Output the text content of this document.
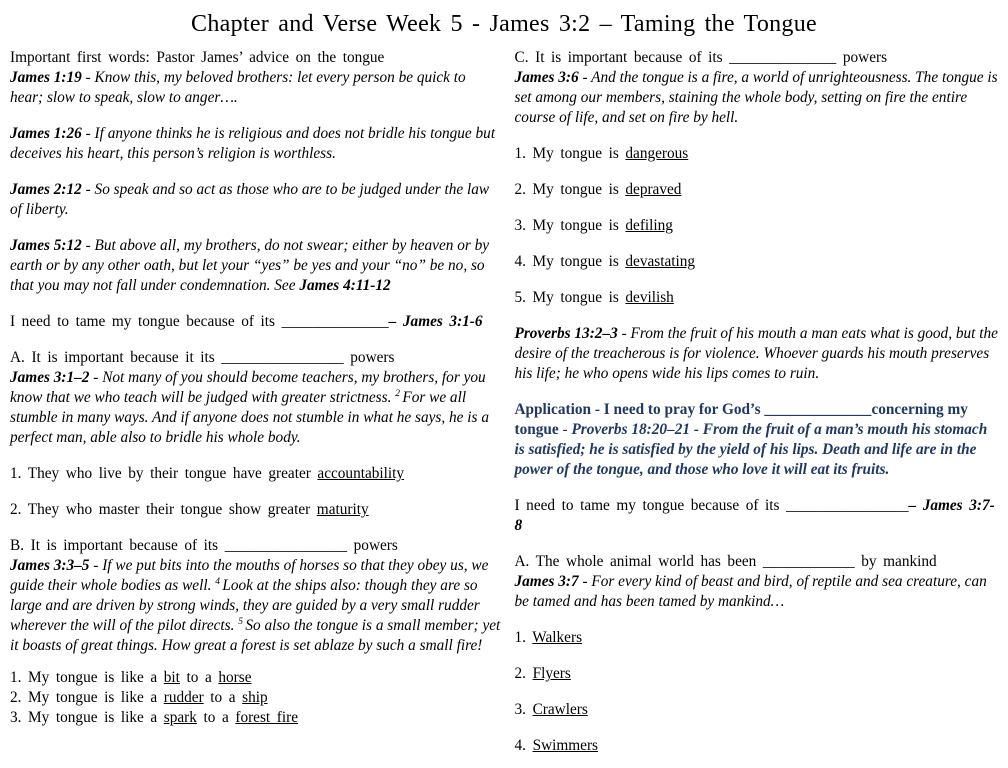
Chapter and Verse Week 5 - James 3:2 – Taming the Tongue

Important first words: Pastor James’ advice on the tongue

James 1:19 - Know this, my beloved brothers: let every person be quick to hear; slow to speak, slow to anger….

James 1:26 - If anyone thinks he is religious and does not bridle his tongue but deceives his heart, this person’s religion is worthless.

James 2:12 - So speak and so act as those who are to be judged under the law of liberty.

James 5:12 - But above all, my brothers, do not swear; either by heaven or by earth or by any other oath, but let your “yes” be yes and your “no” be no, so that you may not fall under condemnation. See James 4:11-12

I need to tame my tongue because of its ______________– James 3:1-6

A. It is important because it its ________________ powers

James 3:1–2 - Not many of you should become teachers, my brothers, for you know that we who teach will be judged with greater strictness. $^2$ For we all stumble in many ways. And if anyone does not stumble in what he says, he is a perfect man, able also to bridle his whole body.

1. They who live by their tongue have greater accountability

2. They who master their tongue show greater maturity

B. It is important because of its ________________ powers

James 3:3–5 - If we put bits into the mouths of horses so that they obey us, we guide their whole bodies as well. $^4$ Look at the ships also: though they are so large and are driven by strong winds, they are guided by a very small rudder wherever the will of the pilot directs. $^5$ So also the tongue is a small member; yet it boasts of great things. How great a forest is set ablaze by such a small fire!

1. My tongue is like a bit to a horse

2. My tongue is like a rudder to a ship

3. My tongue is like a spark to a forest fire

C. It is important because of its ______________ powers

James 3:6 - And the tongue is a fire, a world of unrighteousness. The tongue is set among our members, staining the whole body, setting on fire the entire course of life, and set on fire by hell.

1. My tongue is dangerous

2. My tongue is depraved

3. My tongue is defiling

4. My tongue is devastating

5. My tongue is devilish

Proverbs 13:2–3 - From the fruit of his mouth a man eats what is good, but the desire of the treacherous is for violence. Whoever guards his mouth preserves his life; he who opens wide his lips comes to ruin.

Application - I need to pray for God’s ______________concerning my tongue - Proverbs 18:20–21 - From the fruit of a man’s mouth his stomach is satisfied; he is satisfied by the yield of his lips. Death and life are in the power of the tongue, and those who love it will eat its fruits.

I need to tame my tongue because of its ________________– James 3:7-8

A. The whole animal world has been ____________ by mankind

James 3:7 - For every kind of beast and bird, of reptile and sea creature, can be tamed and has been tamed by mankind…

1. Walkers

2. Flyers

3. Crawlers

4. Swimmers
